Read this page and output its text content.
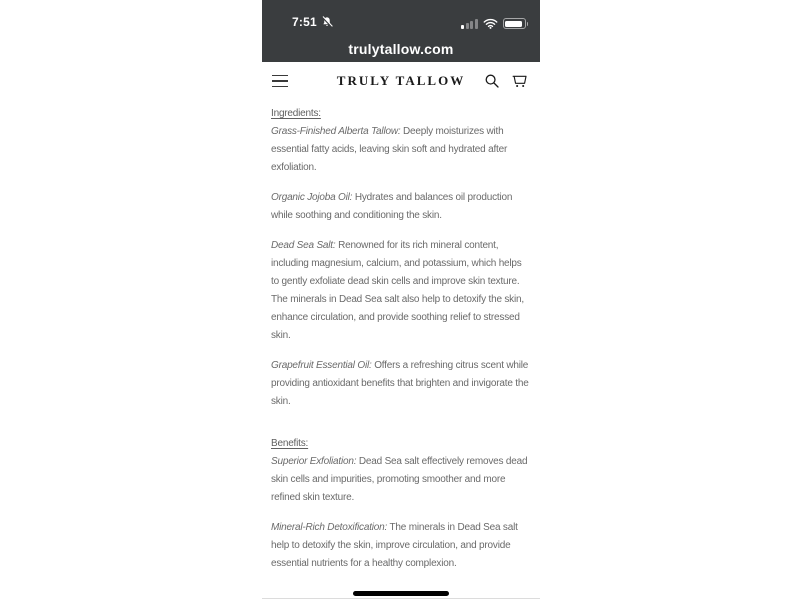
7:51
trulytallow.com
TRULY TALLOW
Ingredients:

Grass-Finished Alberta Tallow: Deeply moisturizes with essential fatty acids, leaving skin soft and hydrated after exfoliation.

Organic Jojoba Oil: Hydrates and balances oil production while soothing and conditioning the skin.

Dead Sea Salt: Renowned for its rich mineral content, including magnesium, calcium, and potassium, which helps to gently exfoliate dead skin cells and improve skin texture. The minerals in Dead Sea salt also help to detoxify the skin, enhance circulation, and provide soothing relief to stressed skin.

Grapefruit Essential Oil: Offers a refreshing citrus scent while providing antioxidant benefits that brighten and invigorate the skin.

Benefits:

Superior Exfoliation: Dead Sea salt effectively removes dead skin cells and impurities, promoting smoother and more refined skin texture.

Mineral-Rich Detoxification: The minerals in Dead Sea salt help to detoxify the skin, improve circulation, and provide essential nutrients for a healthy complexion.
